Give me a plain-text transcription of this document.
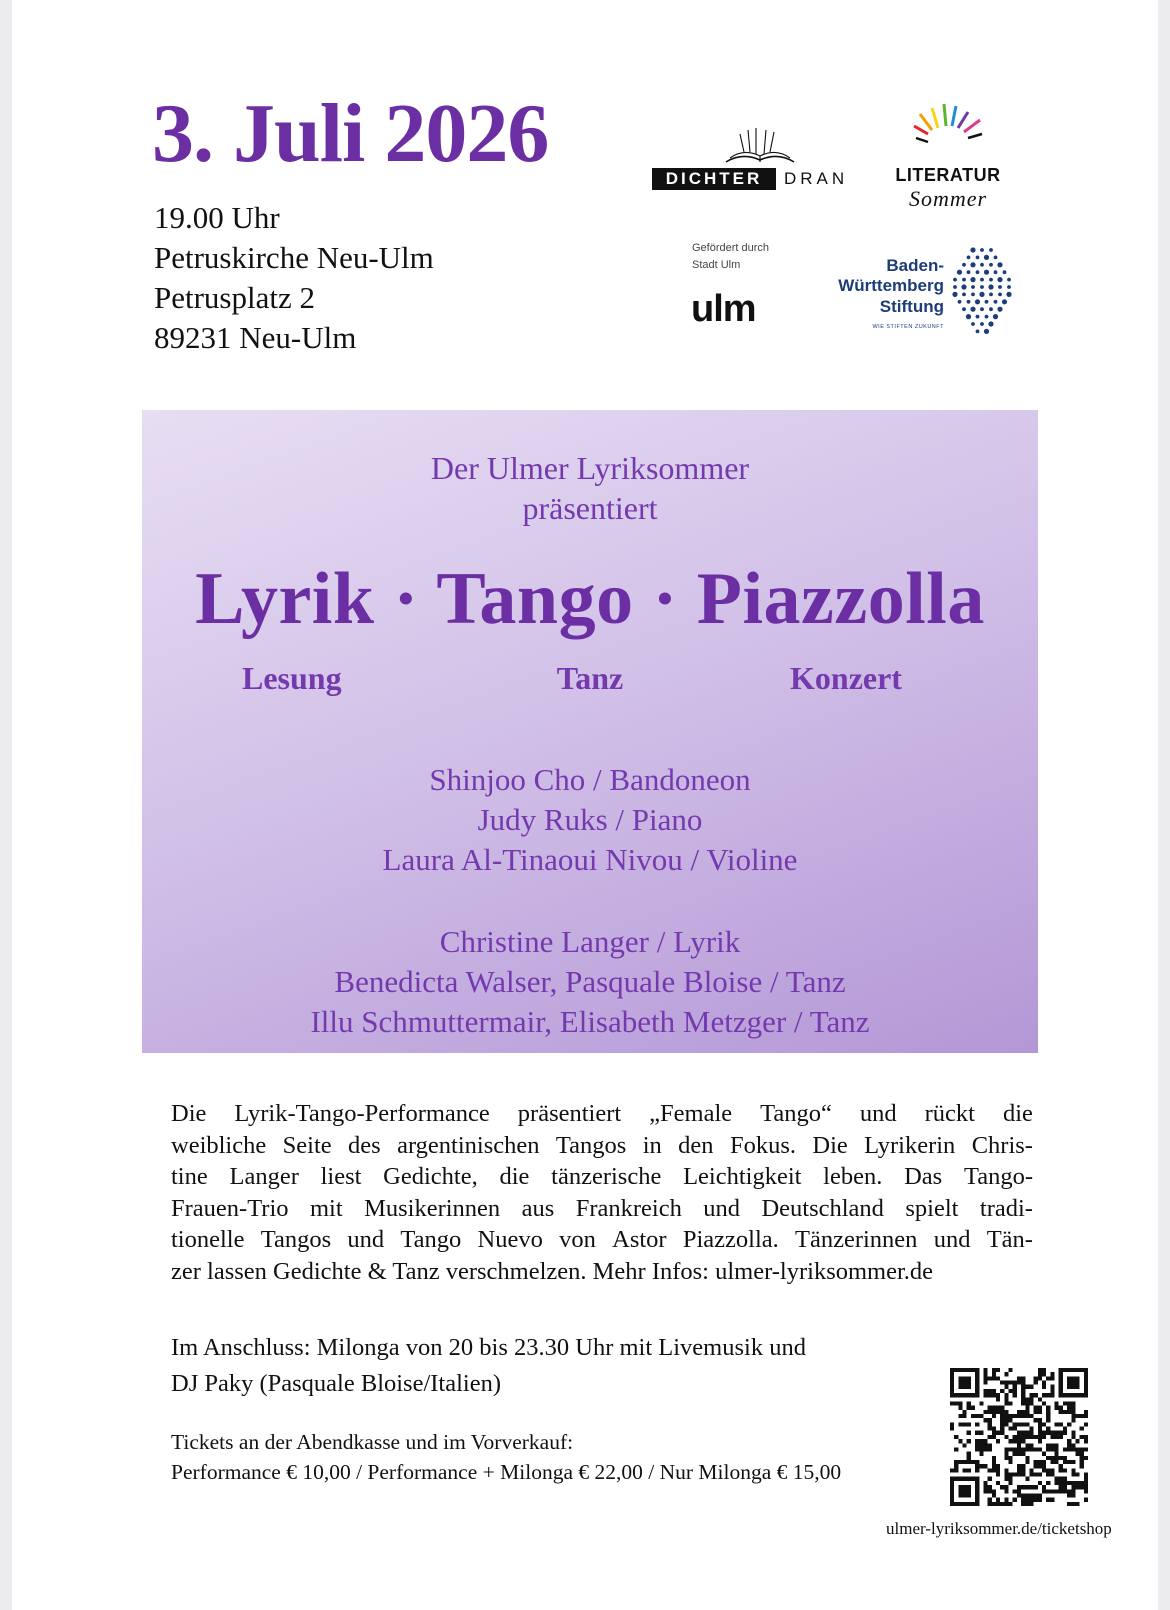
3. Juli 2026
19.00 Uhr
Petruskirche Neu-Ulm
Petrusplatz 2
89231 Neu-Ulm
DICHTER	DRAN	LITERATUR
Sommer
Gefördert durch
Stadt Ulm
ulm
Baden-
Württemberg
Stiftung
WIE STIFTEN ZUKUNFT
Der Ulmer Lyriksommer
präsentiert
Lyrik · Tango · Piazzolla
Lesung	Tanz	Konzert
Shinjoo Cho / Bandoneon
Judy Ruks / Piano
Laura Al-Tinaoui Nivou / Violine
Christine Langer / Lyrik
Benedicta Walser, Pasquale Bloise / Tanz
Illu Schmuttermair, Elisabeth Metzger / Tanz
Die Lyrik-Tango-Performance präsentiert „Female Tango“ und rückt die
weibliche Seite des argentinischen Tangos in den Fokus. Die Lyrikerin Chris-
tine Langer liest Gedichte, die tänzerische Leichtigkeit leben. Das Tango-
Frauen-Trio mit Musikerinnen aus Frankreich und Deutschland spielt tradi-
tionelle Tangos und Tango Nuevo von Astor Piazzolla. Tänzerinnen und Tän-
zer lassen Gedichte & Tanz verschmelzen. Mehr Infos: ulmer-lyriksommer.de
Im Anschluss: Milonga von 20 bis 23.30 Uhr mit Livemusik und
DJ Paky (Pasquale Bloise/Italien)
Tickets an der Abendkasse und im Vorverkauf:
Performance € 10,00 / Performance + Milonga € 22,00 / Nur Milonga € 15,00
ulmer-lyriksommer.de/ticketshop
